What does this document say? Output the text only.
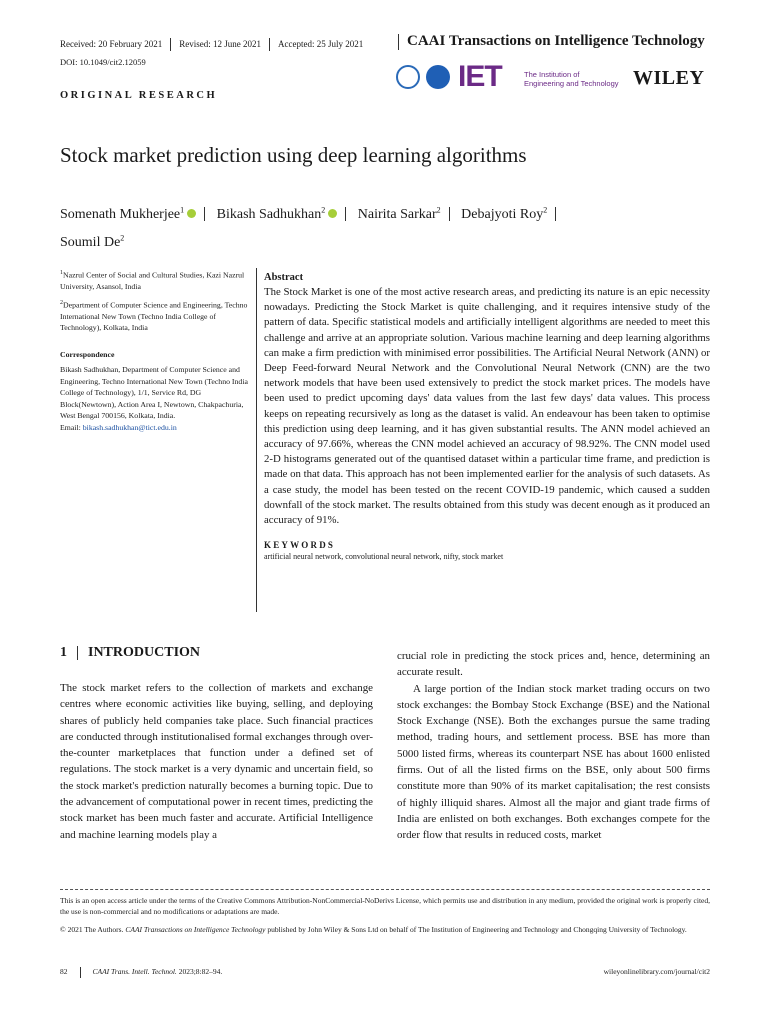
Received: 20 February 2021 Revised: 12 June 2021 Accepted: 25 July 2021	CAAI Transactions on Intelligence Technology
DOI: 10.1049/cit2.12059	IET	The Institution of
Engineering and Technology WILEY
ORIGINAL RESEARCH
Stock market prediction using deep learning algorithms
Somenath Mukherjee$^1$ Bikash Sadhukhan$^2$ Nairita Sarkar$^2$ Debajyoti Roy$^2$
Soumil De$^2$

$^1$Nazrul Center of Social and Cultural Studies, Kazi Nazrul University, Asansol, India

$^2$Department of Computer Science and Engineering, Techno International New Town (Techno India College of Technology), Kolkata, India

Correspondence

Bikash Sadhukhan, Department of Computer Science and Engineering, Techno International New Town (Techno India College of Technology), 1/1, Service Rd, DG Block(Newtown), Action Area I, Newtown, Chakpachuria, West Bengal 700156, Kolkata, India.

Email: bikash.sadhukhan@tict.edu.in

Abstract

The Stock Market is one of the most active research areas, and predicting its nature is an epic necessity nowadays. Predicting the Stock Market is quite challenging, and it requires intensive study of the pattern of data. Specific statistical models and artificially intelligent algorithms are needed to meet this challenge and arrive at an appropriate solution. Various machine learning and deep learning algorithms can make a firm prediction with minimised error possibilities. The Artificial Neural Network (ANN) or Deep Feed-forward Neural Network and the Convolutional Neural Network (CNN) are the two network models that have been used extensively to predict the stock market prices. The models have been used to predict upcoming days' data values from the last few days' data values. This process keeps on repeating recursively as long as the dataset is valid. An endeavour has been taken to optimise this prediction using deep learning, and it has given substantial results. The ANN model achieved an accuracy of 97.66%, whereas the CNN model achieved an accuracy of 98.92%. The CNN model used 2-D histograms generated out of the quantised dataset within a particular time frame, and prediction is made on that data. This approach has not been implemented earlier for the analysis of such datasets. As a case study, the model has been tested on the recent COVID-19 pandemic, which caused a sudden downfall of the stock market. The results obtained from this study was decent enough as it produced an accuracy of 91%.

KEYWORDS

artificial neural network, convolutional neural network, nifty, stock market

1 INTRODUCTION
The stock market refers to the collection of markets and exchange centres where economic activities like buying, selling, and deploying shares of publicly held companies take place. Such financial practices are conducted through institutionalised formal exchanges through over-the-counter marketplaces that function under a defined set of regulations. The stock market is a very dynamic and uncertain field, so the stock market's prediction naturally becomes a burning topic. Due to the advancement of computational power in recent times, predicting the stock market has been much faster and accurate. Artificial Intelligence and machine learning models play a

crucial role in predicting the stock prices and, hence, determining an accurate result.

A large portion of the Indian stock market trading occurs on two stock exchanges: the Bombay Stock Exchange (BSE) and the National Stock Exchange (NSE). Both the exchanges pursue the same trading method, trading hours, and settlement process. BSE has more than 5000 listed firms, whereas its counterpart NSE has about 1600 enlisted firms. Out of all the listed firms on the BSE, only about 500 firms constitute more than 90% of its market capitalisation; the rest consists of highly illiquid shares. Almost all the major and giant trade firms of India are enlisted on both exchanges. Both exchanges compete for the order flow that results in reduced costs, market

This is an open access article under the terms of the Creative Commons Attribution-NonCommercial-NoDerivs License, which permits use and distribution in any medium, provided the original work is properly cited, the use is non-commercial and no modifications or adaptations are made.
© 2021 The Authors. CAAI Transactions on Intelligence Technology published by John Wiley & Sons Ltd on behalf of The Institution of Engineering and Technology and Chongqing University of Technology.
82	CAAI Trans. Intell. Technol. 2023;8:82–94.	wileyonlinelibrary.com/journal/cit2
